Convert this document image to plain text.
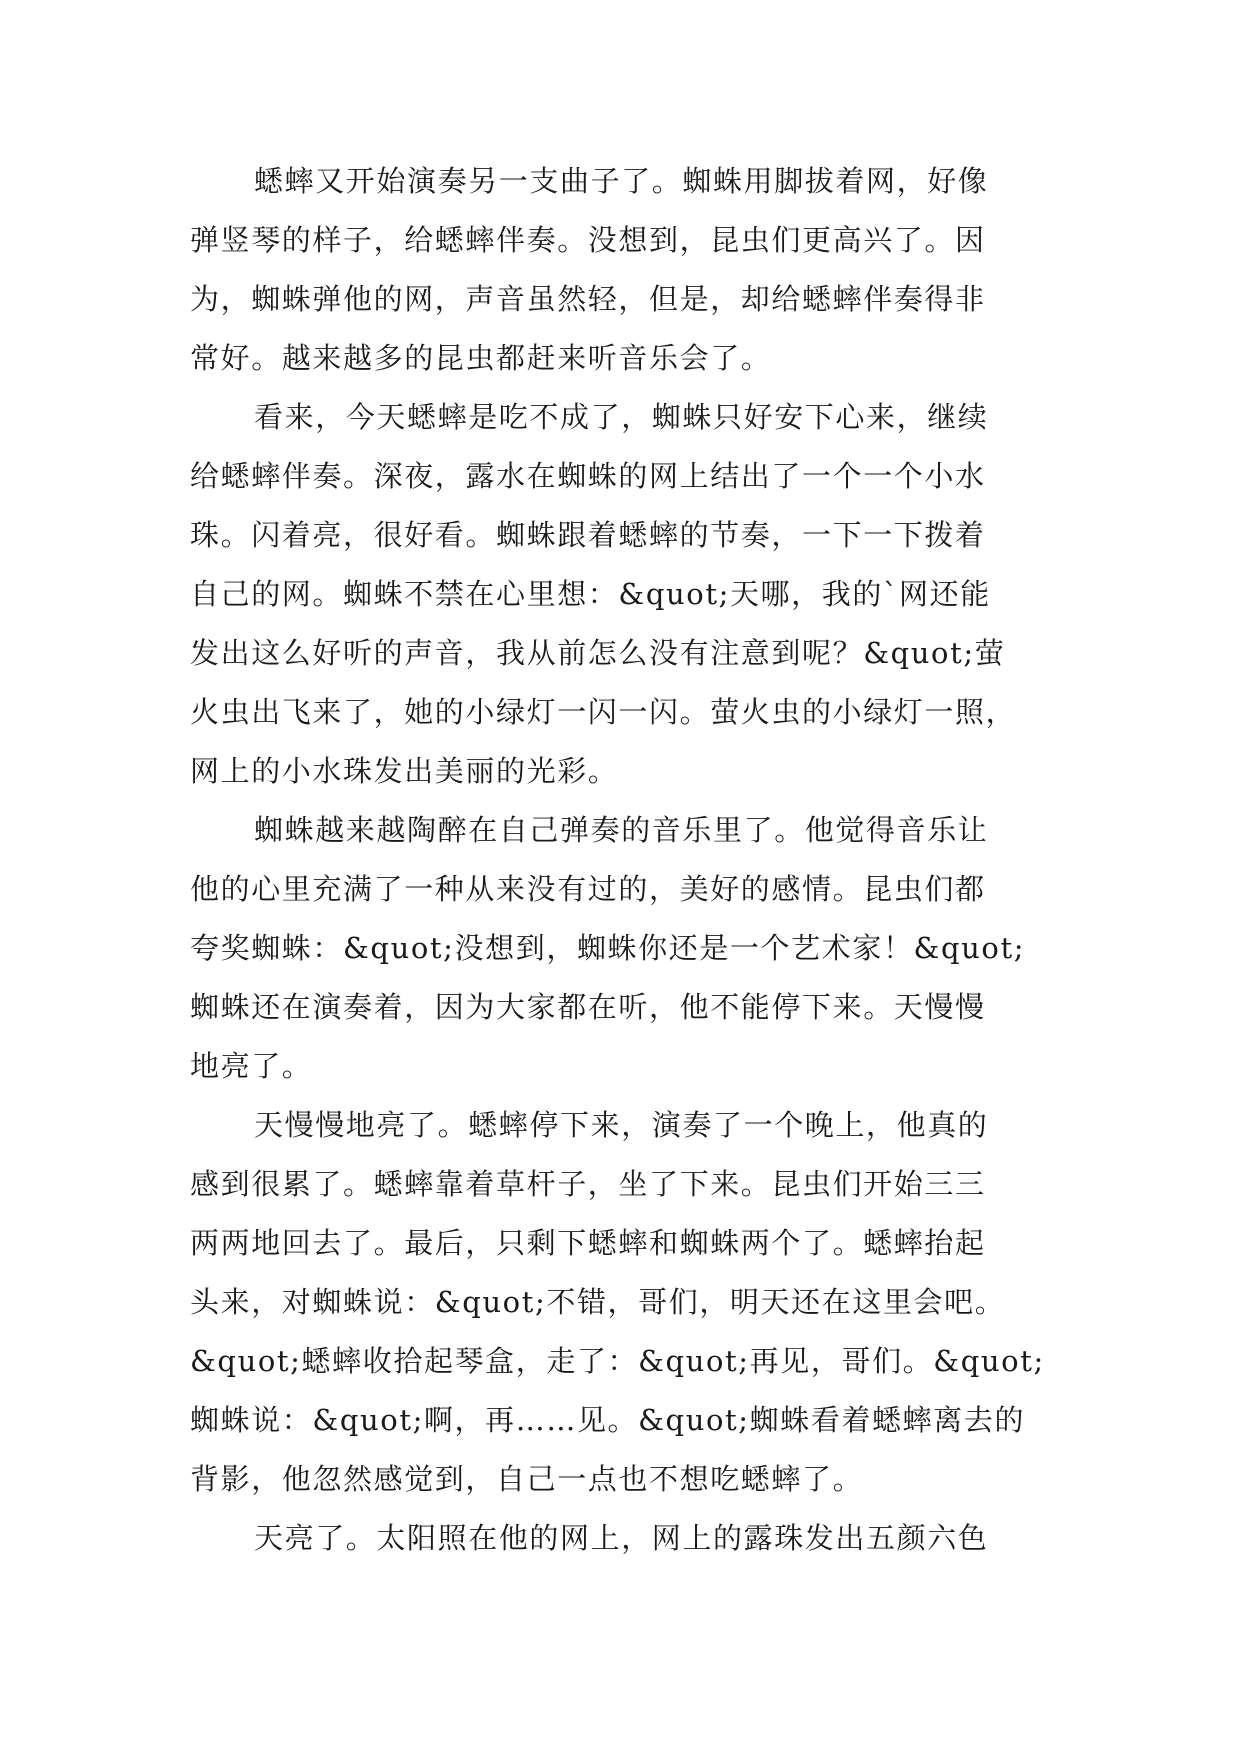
蟋蟀又开始演奏另一支曲子了。蜘蛛用脚拔着网，好像
弹竖琴的样子，给蟋蟀伴奏。没想到，昆虫们更高兴了。因
为，蜘蛛弹他的网，声音虽然轻，但是，却给蟋蟀伴奏得非
常好。越来越多的昆虫都赶来听音乐会了。
看来，今天蟋蟀是吃不成了，蜘蛛只好安下心来，继续
给蟋蟀伴奏。深夜，露水在蜘蛛的网上结出了一个一个小水
珠。闪着亮，很好看。蜘蛛跟着蟋蟀的节奏，一下一下拨着
自己的网。蜘蛛不禁在心里想：&quot;天哪，我的`网还能
发出这么好听的声音，我从前怎么没有注意到呢？&quot;萤
火虫出飞来了，她的小绿灯一闪一闪。萤火虫的小绿灯一照，
网上的小水珠发出美丽的光彩。
蜘蛛越来越陶醉在自己弹奏的音乐里了。他觉得音乐让
他的心里充满了一种从来没有过的，美好的感情。昆虫们都
夸奖蜘蛛：&quot;没想到，蜘蛛你还是一个艺术家！&quot;
蜘蛛还在演奏着，因为大家都在听，他不能停下来。天慢慢
地亮了。
天慢慢地亮了。蟋蟀停下来，演奏了一个晚上，他真的
感到很累了。蟋蟀靠着草杆子，坐了下来。昆虫们开始三三
两两地回去了。最后，只剩下蟋蟀和蜘蛛两个了。蟋蟀抬起
头来，对蜘蛛说：&quot;不错，哥们，明天还在这里会吧。
&quot;蟋蟀收拾起琴盒，走了：&quot;再见，哥们。&quot;
蜘蛛说：&quot;啊，再……见。&quot;蜘蛛看着蟋蟀离去的
背影，他忽然感觉到，自己一点也不想吃蟋蟀了。
天亮了。太阳照在他的网上，网上的露珠发出五颜六色
